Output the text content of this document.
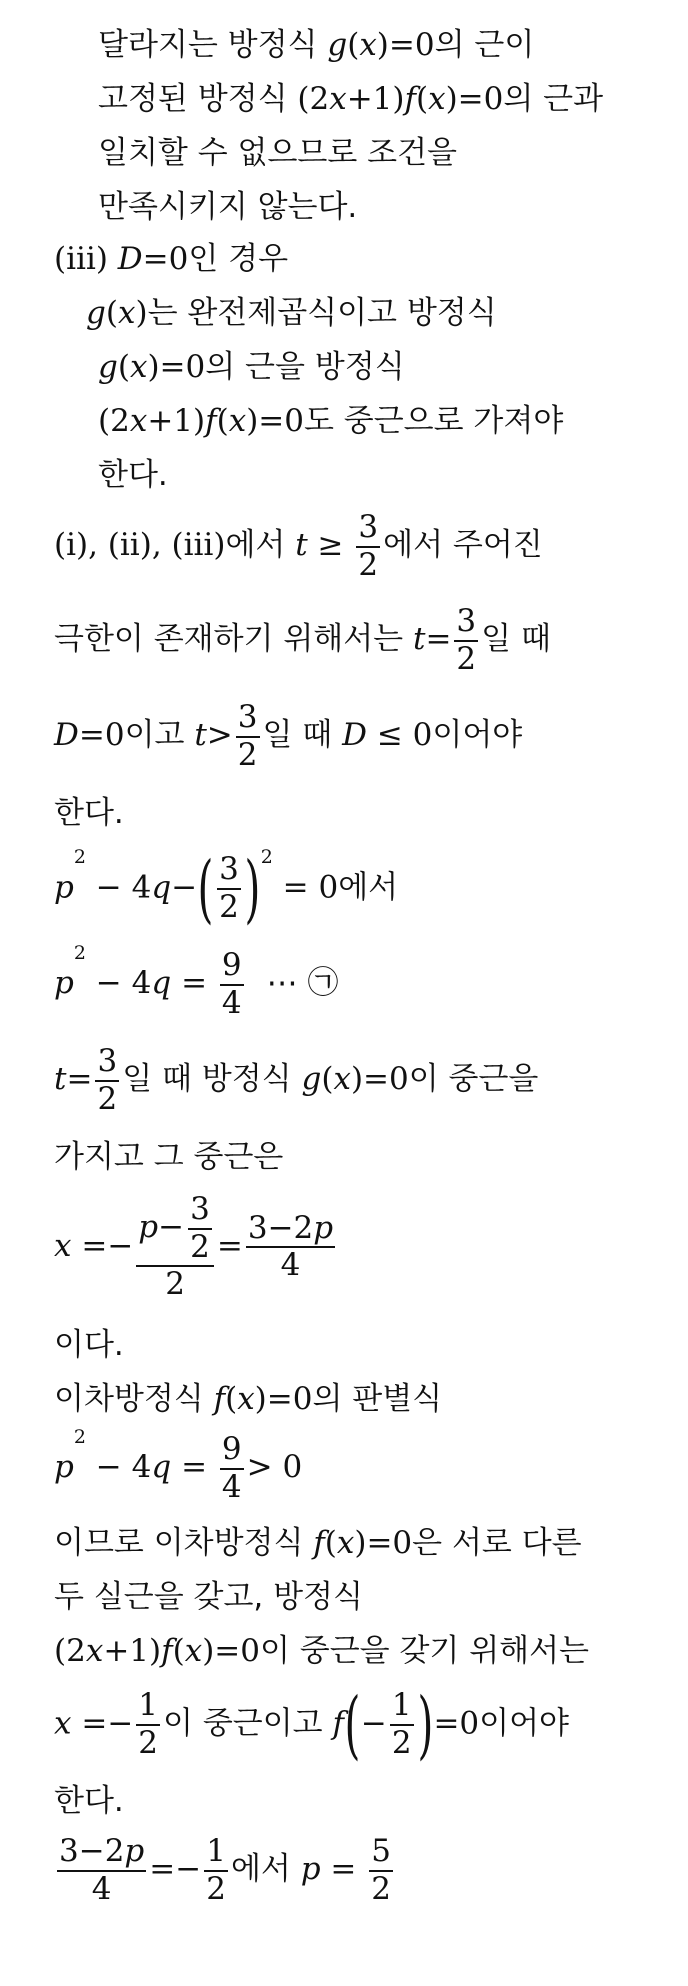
달라지는 방정식 g(x)=0의 근이
고정된 방정식 (2x+1)f(x)=0의 근과
일치할 수 없으므로 조건을
만족시키지 않는다.
(ⅲ) D=0인 경우
g(x)는 완전제곱식이고 방정식
g(x)=0의 근을 방정식
(2x+1)f(x)=0도 중근으로 가져야
한다.
(ⅰ), (ⅱ), (ⅲ)에서 $t \ge \frac{3}{2}$ 에서 주어진
극한이 존재하기 위해서는 $t= \frac{3}{2}$ 일 때
D=0이고 $t> \frac{3}{2}$ 일 때 D ≤ 0이어야
한다.
$p^2 - 4q-( \frac{3}{2} )^2 = 0$에서
$p^2 - 4q = \frac{9}{4}$ ⋯ ㉠
$t= \frac{3}{2}$ 일 때 방정식 g(x)=0이 중근을
가지고 그 중근은
$x =- \frac{p- \frac{3}{2}}{2} = \frac{3-2p}{4}$
이다.
이차방정식 f(x)=0의 판별식
$p^2 - 4q = \frac{9}{4} > 0$
이므로 이차방정식 f(x)=0은 서로 다른
두 실근을 갖고, 방정식
(2x+1)f(x)=0이 중근을 갖기 위해서는
$x =- \frac{1}{2}$ 이 중근이고 $f(- \frac{1}{2} )=0$이어야
한다.
$\frac{3-2p}{4} =- \frac{1}{2}$ 에서 $p = \frac{5}{2}$
